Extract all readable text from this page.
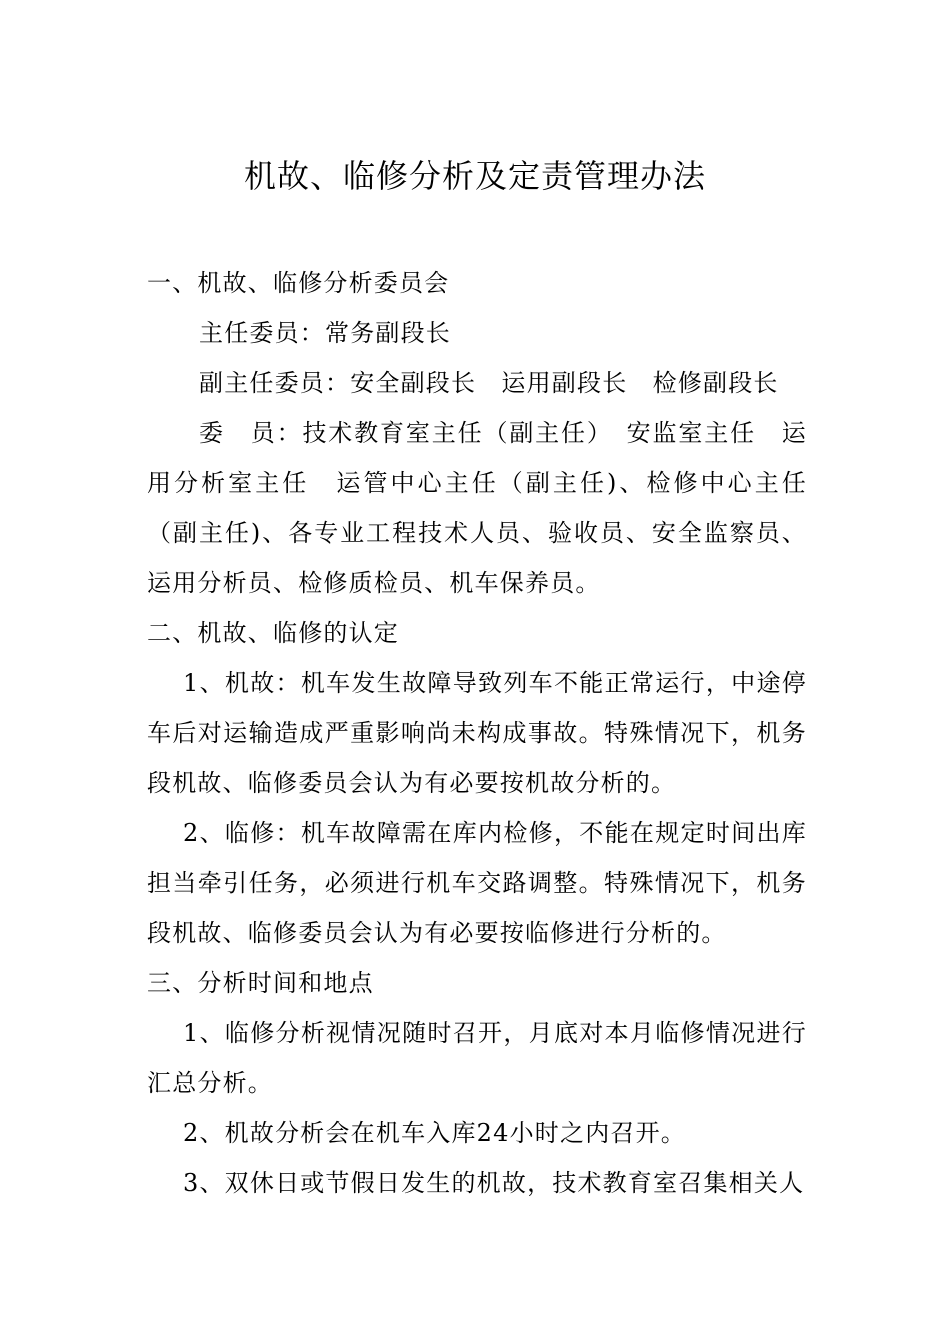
机故、临修分析及定责管理办法

一、机故、临修分析委员会

主任委员：常务副段长

副主任委员：安全副段长　运用副段长　检修副段长

委　员：技术教育室主任（副主任）　安监室主任　运用分析室主任　运管中心主任（副主任)、检修中心主任（副主任)、各专业工程技术人员、验收员、安全监察员、运用分析员、检修质检员、机车保养员。

二、机故、临修的认定

1、机故：机车发生故障导致列车不能正常运行，中途停车后对运输造成严重影响尚未构成事故。特殊情况下，机务段机故、临修委员会认为有必要按机故分析的。

2、临修：机车故障需在库内检修，不能在规定时间出库担当牵引任务，必须进行机车交路调整。特殊情况下，机务段机故、临修委员会认为有必要按临修进行分析的。

三、分析时间和地点

1、临修分析视情况随时召开，月底对本月临修情况进行汇总分析。

2、机故分析会在机车入库24小时之内召开。

3、双休日或节假日发生的机故，技术教育室召集相关人
